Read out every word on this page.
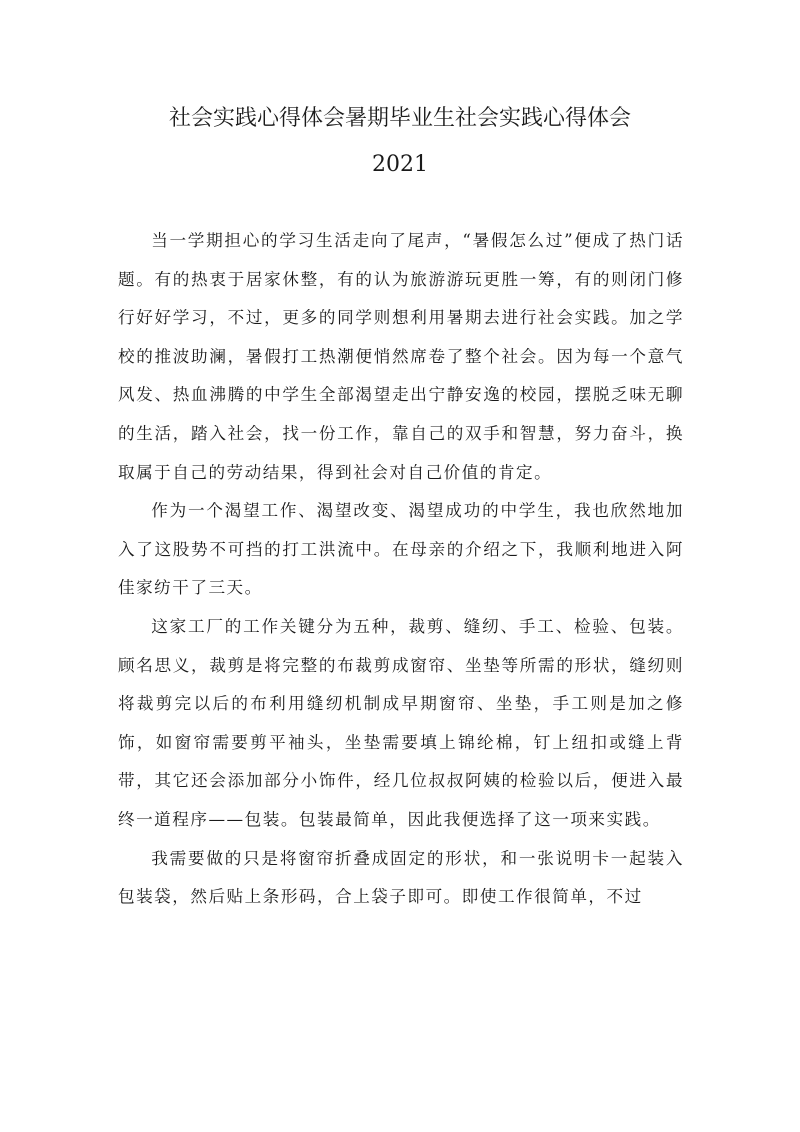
社会实践心得体会暑期毕业生社会实践心得体会
2021

当一学期担心的学习生活走向了尾声，“暑假怎么过”便成了热门话题。有的热衷于居家休整，有的认为旅游游玩更胜一筹，有的则闭门修行好好学习，不过，更多的同学则想利用暑期去进行社会实践。加之学校的推波助澜，暑假打工热潮便悄然席卷了整个社会。因为每一个意气风发、热血沸腾的中学生全部渴望走出宁静安逸的校园，摆脱乏味无聊的生活，踏入社会，找一份工作，靠自己的双手和智慧，努力奋斗，换取属于自己的劳动结果，得到社会对自己价值的肯定。

作为一个渴望工作、渴望改变、渴望成功的中学生，我也欣然地加入了这股势不可挡的打工洪流中。在母亲的介绍之下，我顺利地进入阿佳家纺干了三天。

这家工厂的工作关键分为五种，裁剪、缝纫、手工、检验、包装。顾名思义，裁剪是将完整的布裁剪成窗帘、坐垫等所需的形状，缝纫则将裁剪完以后的布利用缝纫机制成早期窗帘、坐垫，手工则是加之修饰，如窗帘需要剪平袖头，坐垫需要填上锦纶棉，钉上纽扣或缝上背带，其它还会添加部分小饰件，经几位叔叔阿姨的检验以后，便进入最终一道程序——包装。包装最简单，因此我便选择了这一项来实践。

我需要做的只是将窗帘折叠成固定的形状，和一张说明卡一起装入包装袋，然后贴上条形码，合上袋子即可。即使工作很简单，不过
